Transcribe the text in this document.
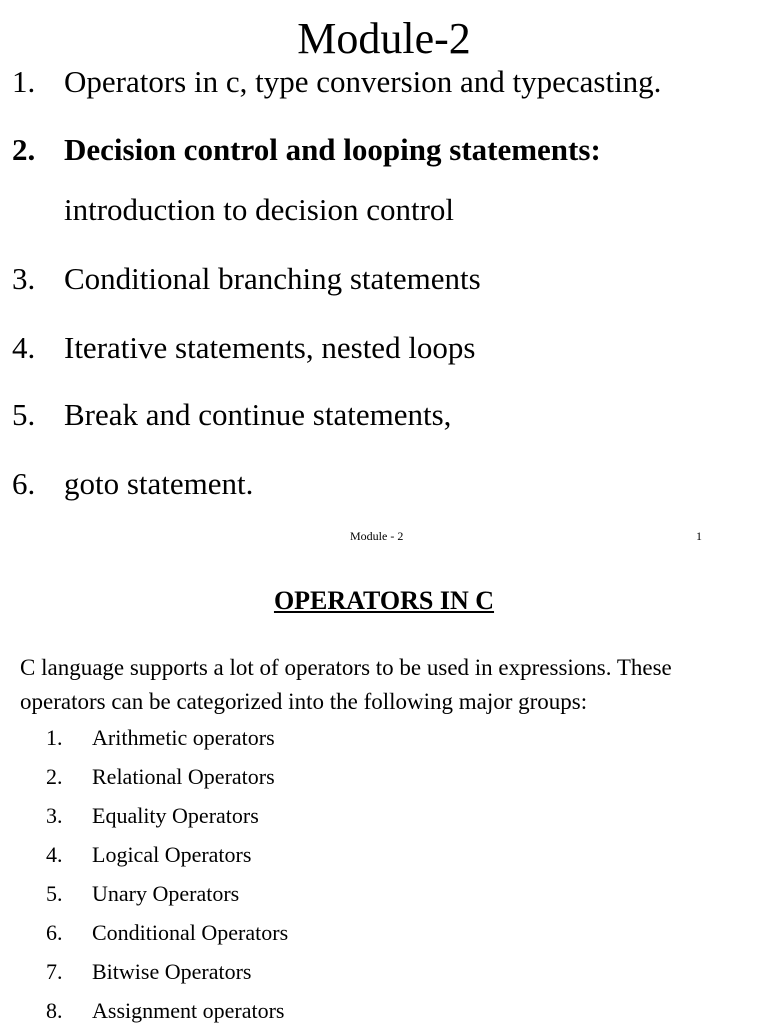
Module-2
1. Operators in c, type conversion and typecasting.
2. Decision control and looping statements:
introduction to decision control
3. Conditional branching statements
4. Iterative statements, nested loops
5. Break and continue statements,
6. goto statement.
Module - 2	1
OPERATORS IN C
C language supports a lot of operators to be used in expressions. These operators can be categorized into the following major groups:
1. Arithmetic operators
2. Relational Operators
3. Equality Operators
4. Logical Operators
5. Unary Operators
6. Conditional Operators
7. Bitwise Operators
8. Assignment operators
